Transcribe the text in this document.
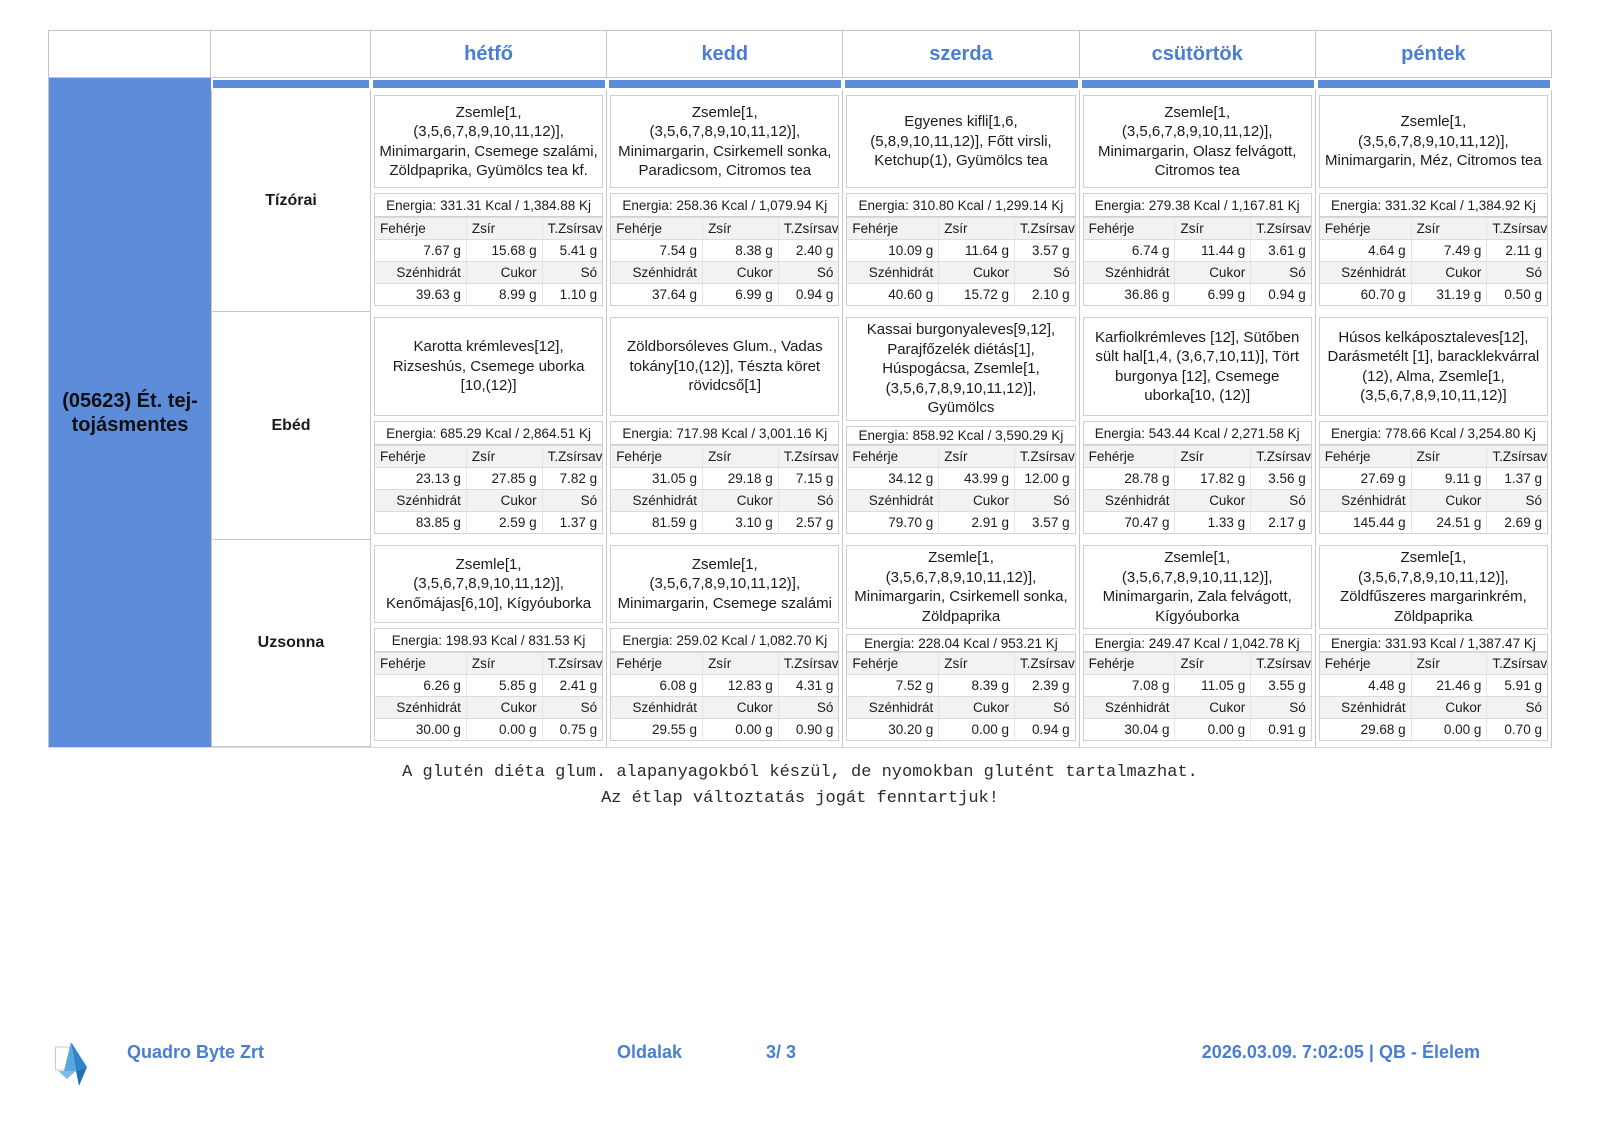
hétfő	kedd	szerda	csütörtök	péntek
(05623) Ét. tej-tojásmentes
Tízórai
Zsemle[1, (3,5,6,7,8,9,10,11,12)], Minimargarin, Csemege szalámi, Zöldpaprika, Gyümölcs tea kf.
Energia: 331.31 Kcal / 1,384.88 Kj
Fehérje	Zsír	T.Zsírsav
7.67 g	15.68 g	5.41 g
Szénhidrát	Cukor	Só
39.63 g	8.99 g	1.10 g
Zsemle[1, (3,5,6,7,8,9,10,11,12)], Minimargarin, Csirkemell sonka, Paradicsom, Citromos tea
Energia: 258.36 Kcal / 1,079.94 Kj
Fehérje	Zsír	T.Zsírsav
7.54 g	8.38 g	2.40 g
Szénhidrát	Cukor	Só
37.64 g	6.99 g	0.94 g
Egyenes kifli[1,6, (5,8,9,10,11,12)], Főtt virsli, Ketchup(1), Gyümölcs tea
Energia: 310.80 Kcal / 1,299.14 Kj
Fehérje	Zsír	T.Zsírsav
10.09 g	11.64 g	3.57 g
Szénhidrát	Cukor	Só
40.60 g	15.72 g	2.10 g
Zsemle[1, (3,5,6,7,8,9,10,11,12)], Minimargarin, Olasz felvágott, Citromos tea
Energia: 279.38 Kcal / 1,167.81 Kj
Fehérje	Zsír	T.Zsírsav
6.74 g	11.44 g	3.61 g
Szénhidrát	Cukor	Só
36.86 g	6.99 g	0.94 g
Zsemle[1, (3,5,6,7,8,9,10,11,12)], Minimargarin, Méz, Citromos tea
Energia: 331.32 Kcal / 1,384.92 Kj
Fehérje	Zsír	T.Zsírsav
4.64 g	7.49 g	2.11 g
Szénhidrát	Cukor	Só
60.70 g	31.19 g	0.50 g
Ebéd
Karotta krémleves[12], Rizseshús, Csemege uborka [10,(12)]
Energia: 685.29 Kcal / 2,864.51 Kj
Fehérje	Zsír	T.Zsírsav
23.13 g	27.85 g	7.82 g
Szénhidrát	Cukor	Só
83.85 g	2.59 g	1.37 g
Zöldborsóleves Glum., Vadas tokány[10,(12)], Tészta köret rövidcső[1]
Energia: 717.98 Kcal / 3,001.16 Kj
Fehérje	Zsír	T.Zsírsav
31.05 g	29.18 g	7.15 g
Szénhidrát	Cukor	Só
81.59 g	3.10 g	2.57 g
Kassai burgonyaleves[9,12], Parajfőzelék diétás[1], Húspogácsa, Zsemle[1, (3,5,6,7,8,9,10,11,12)], Gyümölcs
Energia: 858.92 Kcal / 3,590.29 Kj
Fehérje	Zsír	T.Zsírsav
34.12 g	43.99 g	12.00 g
Szénhidrát	Cukor	Só
79.70 g	2.91 g	3.57 g
Karfiolkrémleves [12], Sütőben sült hal[1,4, (3,6,7,10,11)], Tört burgonya [12], Csemege uborka[10, (12)]
Energia: 543.44 Kcal / 2,271.58 Kj
Fehérje	Zsír	T.Zsírsav
28.78 g	17.82 g	3.56 g
Szénhidrát	Cukor	Só
70.47 g	1.33 g	2.17 g
Húsos kelkáposztaleves[12], Darásmetélt [1], baracklekvárral (12), Alma, Zsemle[1, (3,5,6,7,8,9,10,11,12)]
Energia: 778.66 Kcal / 3,254.80 Kj
Fehérje	Zsír	T.Zsírsav
27.69 g	9.11 g	1.37 g
Szénhidrát	Cukor	Só
145.44 g	24.51 g	2.69 g
Uzsonna
Zsemle[1, (3,5,6,7,8,9,10,11,12)], Kenőmájas[6,10], Kígyóuborka
Energia: 198.93 Kcal / 831.53 Kj
Fehérje	Zsír	T.Zsírsav
6.26 g	5.85 g	2.41 g
Szénhidrát	Cukor	Só
30.00 g	0.00 g	0.75 g
Zsemle[1, (3,5,6,7,8,9,10,11,12)], Minimargarin, Csemege szalámi
Energia: 259.02 Kcal / 1,082.70 Kj
Fehérje	Zsír	T.Zsírsav
6.08 g	12.83 g	4.31 g
Szénhidrát	Cukor	Só
29.55 g	0.00 g	0.90 g
Zsemle[1, (3,5,6,7,8,9,10,11,12)], Minimargarin, Csirkemell sonka, Zöldpaprika
Energia: 228.04 Kcal / 953.21 Kj
Fehérje	Zsír	T.Zsírsav
7.52 g	8.39 g	2.39 g
Szénhidrát	Cukor	Só
30.20 g	0.00 g	0.94 g
Zsemle[1, (3,5,6,7,8,9,10,11,12)], Minimargarin, Zala felvágott, Kígyóuborka
Energia: 249.47 Kcal / 1,042.78 Kj
Fehérje	Zsír	T.Zsírsav
7.08 g	11.05 g	3.55 g
Szénhidrát	Cukor	Só
30.04 g	0.00 g	0.91 g
Zsemle[1, (3,5,6,7,8,9,10,11,12)], Zöldfűszeres margarinkrém, Zöldpaprika
Energia: 331.93 Kcal / 1,387.47 Kj
Fehérje	Zsír	T.Zsírsav
4.48 g	21.46 g	5.91 g
Szénhidrát	Cukor	Só
29.68 g	0.00 g	0.70 g
A glutén diéta glum. alapanyagokból készül, de nyomokban glutént tartalmazhat.
Az étlap változtatás jogát fenntartjuk!
Quadro Byte Zrt	Oldalak	3/ 3	2026.03.09. 7:02:05 | QB - Élelem
